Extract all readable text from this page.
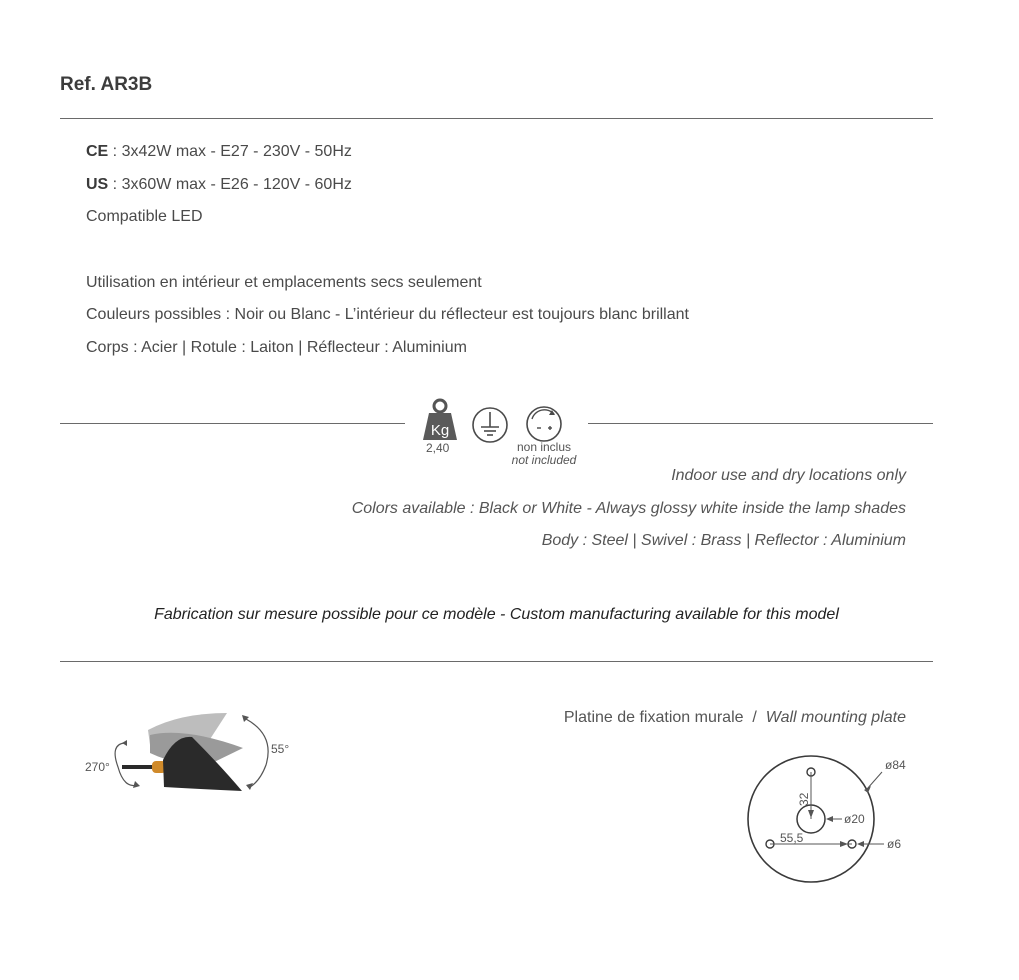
Ref. AR3B
CE : 3x42W max - E27 - 230V - 50Hz
US : 3x60W max - E26 - 120V - 60Hz
Compatible LED
Utilisation en intérieur et emplacements secs seulement
Couleurs possibles : Noir ou Blanc - L’intérieur du réflecteur est toujours blanc brillant
Corps : Acier | Rotule : Laiton | Réflecteur : Aluminium
Kg
2,40	non inclus
not included
Indoor use and dry locations only
Colors available : Black or White - Always glossy white inside the lamp shades
Body : Steel | Swivel : Brass | Reflector : Aluminium
Fabrication sur mesure possible pour ce modèle - Custom manufacturing available for this model
270°
55°
Platine de fixation murale / Wall mounting plate
32
55,5
ø84
ø20
ø6
